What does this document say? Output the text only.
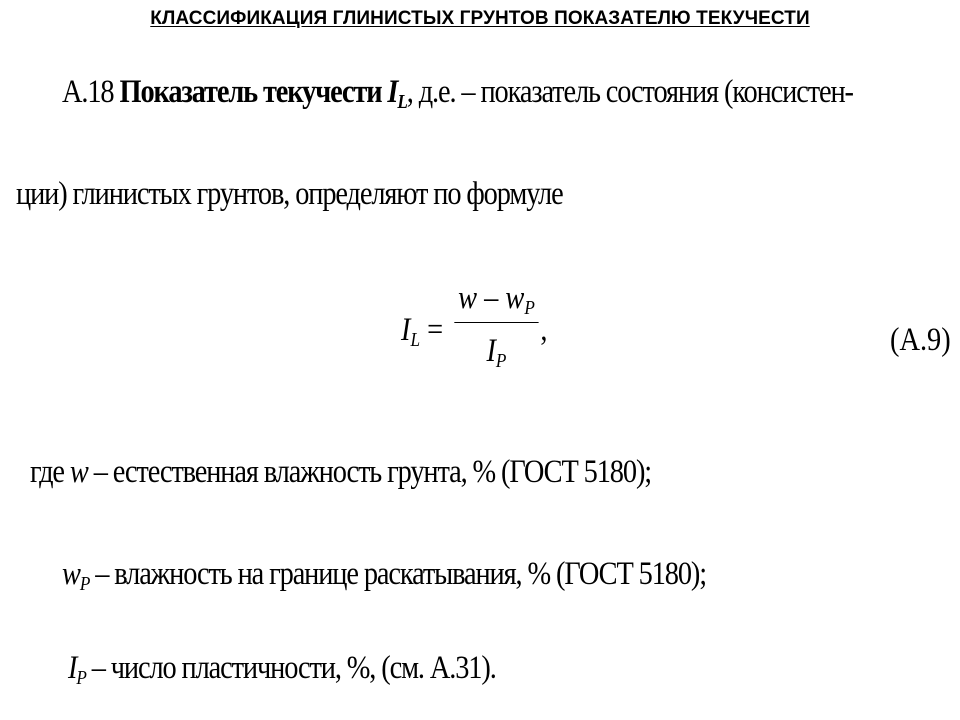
КЛАССИФИКАЦИЯ ГЛИНИСТЫХ ГРУНТОВ ПОКАЗАТЕЛЮ ТЕКУЧЕСТИ
А.18 Показатель текучести $I_L$, д.е. – показатель состояния (консистен-
ции) глинистых грунтов, определяют по формуле
$I_L$ =
w – $w_P$
$I_P$
,	(А.9)
где w – естественная влажность грунта, % (ГОСТ 5180);
$w_P$ – влажность на границе раскатывания, % (ГОСТ 5180);
$I_P$ – число пластичности, %, (см. А.31).
